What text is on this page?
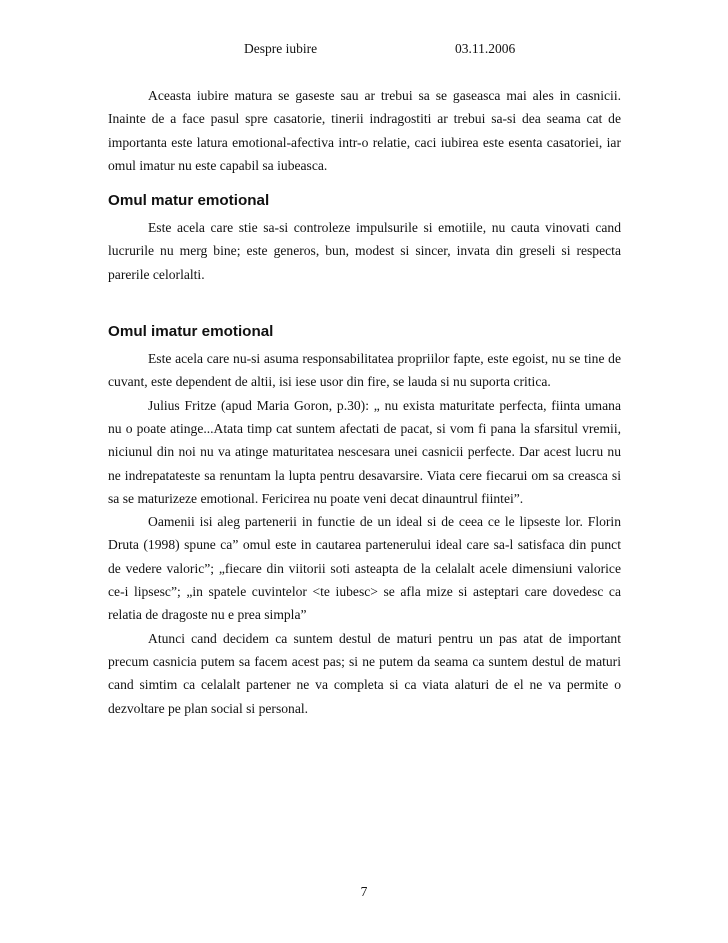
Despre iubire	03.11.2006

Aceasta iubire matura se gaseste sau ar trebui sa se gaseasca mai ales in casnicii. Inainte de a face pasul spre casatorie, tinerii indragostiti ar trebui sa-si dea seama cat de importanta este latura emotional-afectiva intr-o relatie, caci iubirea este esenta casatoriei, iar omul imatur nu este capabil sa iubeasca.

Omul matur emotional

Este acela care stie sa-si controleze impulsurile si emotiile, nu cauta vinovati cand lucrurile nu merg bine; este generos, bun, modest si sincer, invata din greseli si respecta parerile celorlalti.

Omul imatur emotional

Este acela care nu-si asuma responsabilitatea propriilor fapte, este egoist, nu se tine de cuvant, este dependent de altii, isi iese usor din fire, se lauda si nu suporta critica.

Julius Fritze (apud Maria Goron, p.30): „ nu exista maturitate perfecta, fiinta umana nu o poate atinge...Atata timp cat suntem afectati de pacat, si vom fi pana la sfarsitul vremii, niciunul din noi nu va atinge maturitatea nescesara unei casnicii perfecte. Dar acest lucru nu ne indrepatateste sa renuntam la lupta pentru desavarsire. Viata cere fiecarui om sa creasca si sa se maturizeze emotional. Fericirea nu poate veni decat dinauntrul fiintei”.

Oamenii isi aleg partenerii in functie de un ideal si de ceea ce le lipseste lor. Florin Druta (1998) spune ca” omul este in cautarea partenerului ideal care sa-l satisfaca din punct de vedere valoric”; „fiecare din viitorii soti asteapta de la celalalt acele dimensiuni valorice ce-i lipsesc”; „in spatele cuvintelor <te iubesc> se afla mize si asteptari care dovedesc ca relatia de dragoste nu e prea simpla”

Atunci cand decidem ca suntem destul de maturi pentru un pas atat de important precum casnicia putem sa facem acest pas; si ne putem da seama ca suntem destul de maturi cand simtim ca celalalt partener ne va completa si ca viata alaturi de el ne va permite o dezvoltare pe plan social si personal.

7
